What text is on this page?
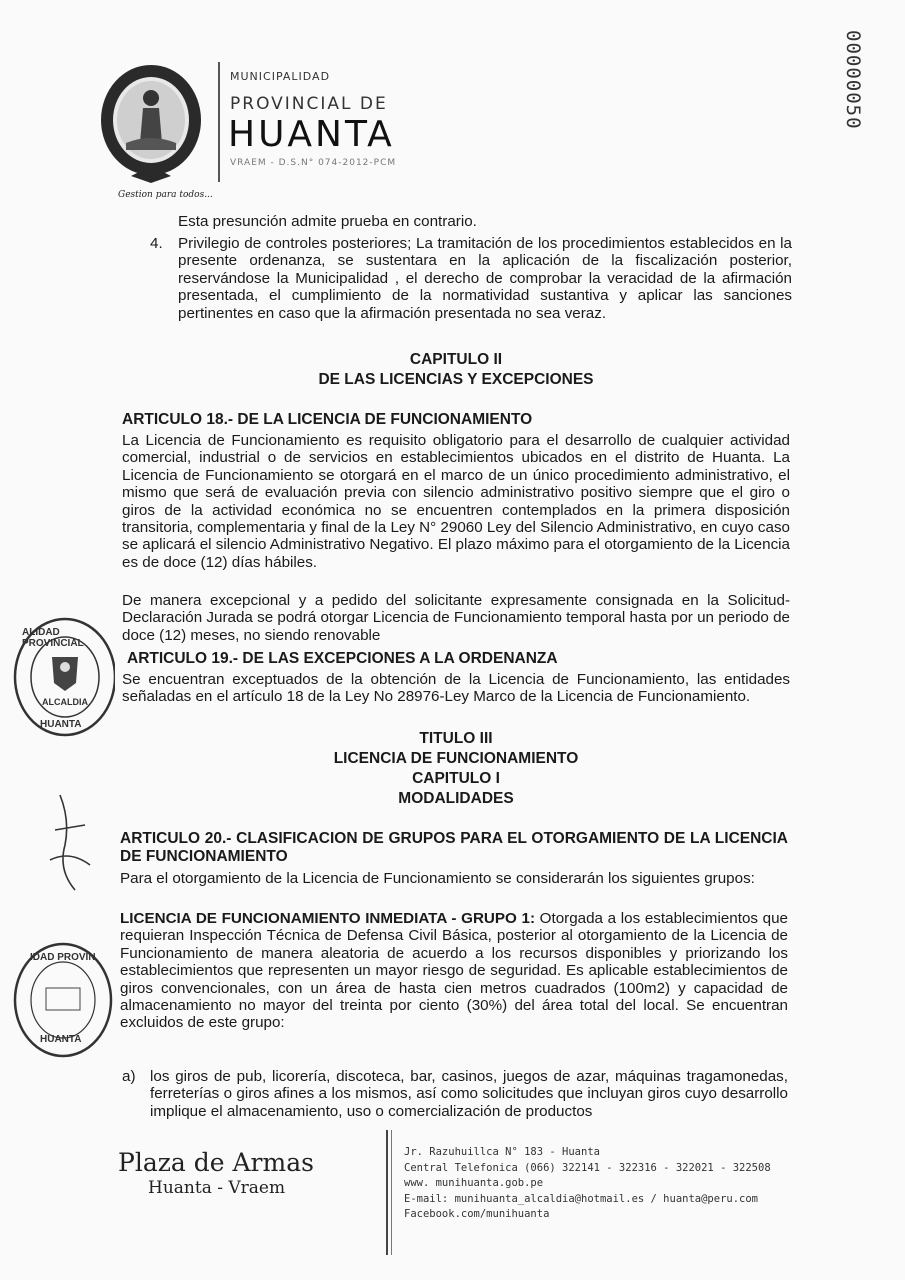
Gestion para todos...
MUNICIPALIDAD
PROVINCIAL DE
HUANTA
VRAEM - D.S.N° 074-2012-PCM
00000050

Esta presunción admite prueba en contrario.

4. Privilegio de controles posteriores; La tramitación de los procedimientos establecidos en la presente ordenanza, se sustentara en la aplicación de la fiscalización posterior, reservándose la Municipalidad , el derecho de comprobar la veracidad de la afirmación presentada, el cumplimiento de la normatividad sustantiva y aplicar las sanciones pertinentes en caso que la afirmación presentada no sea veraz.

CAPITULO II
DE LAS LICENCIAS Y EXCEPCIONES
ARTICULO 18.- DE LA LICENCIA DE FUNCIONAMIENTO

La Licencia de Funcionamiento es requisito obligatorio para el desarrollo de cualquier actividad comercial, industrial o de servicios en establecimientos ubicados en el distrito de Huanta. La Licencia de Funcionamiento se otorgará en el marco de un único procedimiento administrativo, el mismo que será de evaluación previa con silencio administrativo positivo siempre que el giro o giros de la actividad económica no se encuentren contemplados en la primera disposición transitoria, complementaria y final de la Ley N° 29060 Ley del Silencio Administrativo, en cuyo caso se aplicará el silencio Administrativo Negativo. El plazo máximo para el otorgamiento de la Licencia es de doce (12) días hábiles.

De manera excepcional y a pedido del solicitante expresamente consignada en la Solicitud-Declaración Jurada se podrá otorgar Licencia de Funcionamiento temporal hasta por un periodo de doce (12) meses, no siendo renovable

ARTICULO 19.- DE LAS EXCEPCIONES A LA ORDENANZA

Se encuentran exceptuados de la obtención de la Licencia de Funcionamiento, las entidades señaladas en el artículo 18 de la Ley No 28976-Ley Marco de la Licencia de Funcionamiento.

TITULO III
LICENCIA DE FUNCIONAMIENTO
CAPITULO I
MODALIDADES
ARTICULO 20.- CLASIFICACION DE GRUPOS PARA EL OTORGAMIENTO DE LA LICENCIA DE FUNCIONAMIENTO

Para el otorgamiento de la Licencia de Funcionamiento se considerarán los siguientes grupos:

LICENCIA DE FUNCIONAMIENTO INMEDIATA - GRUPO 1: Otorgada a los establecimientos que requieran Inspección Técnica de Defensa Civil Básica, posterior al otorgamiento de la Licencia de Funcionamiento de manera aleatoria de acuerdo a los recursos disponibles y priorizando los establecimientos que representen un mayor riesgo de seguridad. Es aplicable establecimientos de giros convencionales, con un área de hasta cien metros cuadrados (100m2) y capacidad de almacenamiento no mayor del treinta por ciento (30%) del área total del local. Se encuentran excluidos de este grupo:

a) los giros de pub, licorería, discoteca, bar, casinos, juegos de azar, máquinas tragamonedas, ferreterías o giros afines a los mismos, así como solicitudes que incluyan giros cuyo desarrollo implique el almacenamiento, uso o comercialización de productos

ALIDAD PROVINCIAL
ALCALDIA
HUANTA
IDAD PROVIN
HUANTA
Plaza de Armas
Huanta - Vraem
Jr. Razuhuillca N° 183 - Huanta
Central Telefonica (066) 322141 - 322316 - 322021 - 322508
www. munihuanta.gob.pe
E-mail: munihuanta_alcaldia@hotmail.es / huanta@peru.com
Facebook.com/munihuanta
